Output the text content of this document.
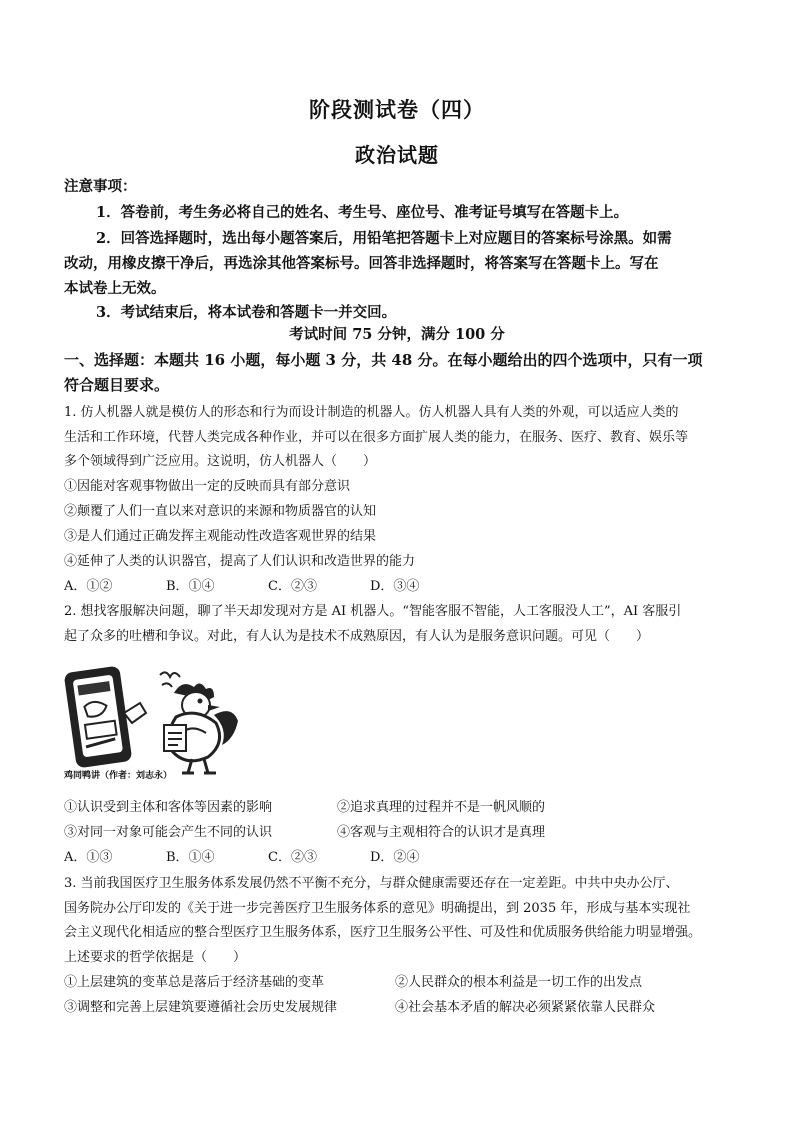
阶段测试卷（四）
政治试题
注意事项：
1．答卷前，考生务必将自己的姓名、考生号、座位号、准考证号填写在答题卡上。
2．回答选择题时，选出每小题答案后，用铅笔把答题卡上对应题目的答案标号涂黑。如需
改动，用橡皮擦干净后，再选涂其他答案标号。回答非选择题时，将答案写在答题卡上。写在
本试卷上无效。
3．考试结束后，将本试卷和答题卡一并交回。
考试时间 75 分钟，满分 100 分
一、选择题：本题共 16 小题，每小题 3 分，共 48 分。在每小题给出的四个选项中，只有一项
符合题目要求。
1. 仿人机器人就是模仿人的形态和行为而设计制造的机器人。仿人机器人具有人类的外观，可以适应人类的
生活和工作环境，代替人类完成各种作业，并可以在很多方面扩展人类的能力，在服务、医疗、教育、娱乐等
多个领域得到广泛应用。这说明，仿人机器人（　　）
①因能对客观事物做出一定的反映而具有部分意识
②颠覆了人们一直以来对意识的来源和物质器官的认知
③是人们通过正确发挥主观能动性改造客观世界的结果
④延伸了人类的认识器官，提高了人们认识和改造世界的能力
A．①②	B．①④	C．②③	D．③④
2. 想找客服解决问题，聊了半天却发现对方是 AI 机器人。“智能客服不智能，人工客服没人工”，AI 客服引
起了众多的吐槽和争议。对此，有人认为是技术不成熟原因，有人认为是服务意识问题。可见（　　）
鸡同鸭讲（作者：刘志永）
①认识受到主体和客体等因素的影响	②追求真理的过程并不是一帆风顺的
③对同一对象可能会产生不同的认识	④客观与主观相符合的认识才是真理
A．①③	B．①④	C．②③	D．②④
3. 当前我国医疗卫生服务体系发展仍然不平衡不充分，与群众健康需要还存在一定差距。中共中央办公厅、
国务院办公厅印发的《关于进一步完善医疗卫生服务体系的意见》明确提出，到 2035 年，形成与基本实现社
会主义现代化相适应的整合型医疗卫生服务体系，医疗卫生服务公平性、可及性和优质服务供给能力明显增强。
上述要求的哲学依据是（　　）
①上层建筑的变革总是落后于经济基础的变革	②人民群众的根本利益是一切工作的出发点
③调整和完善上层建筑要遵循社会历史发展规律	④社会基本矛盾的解决必须紧紧依靠人民群众
